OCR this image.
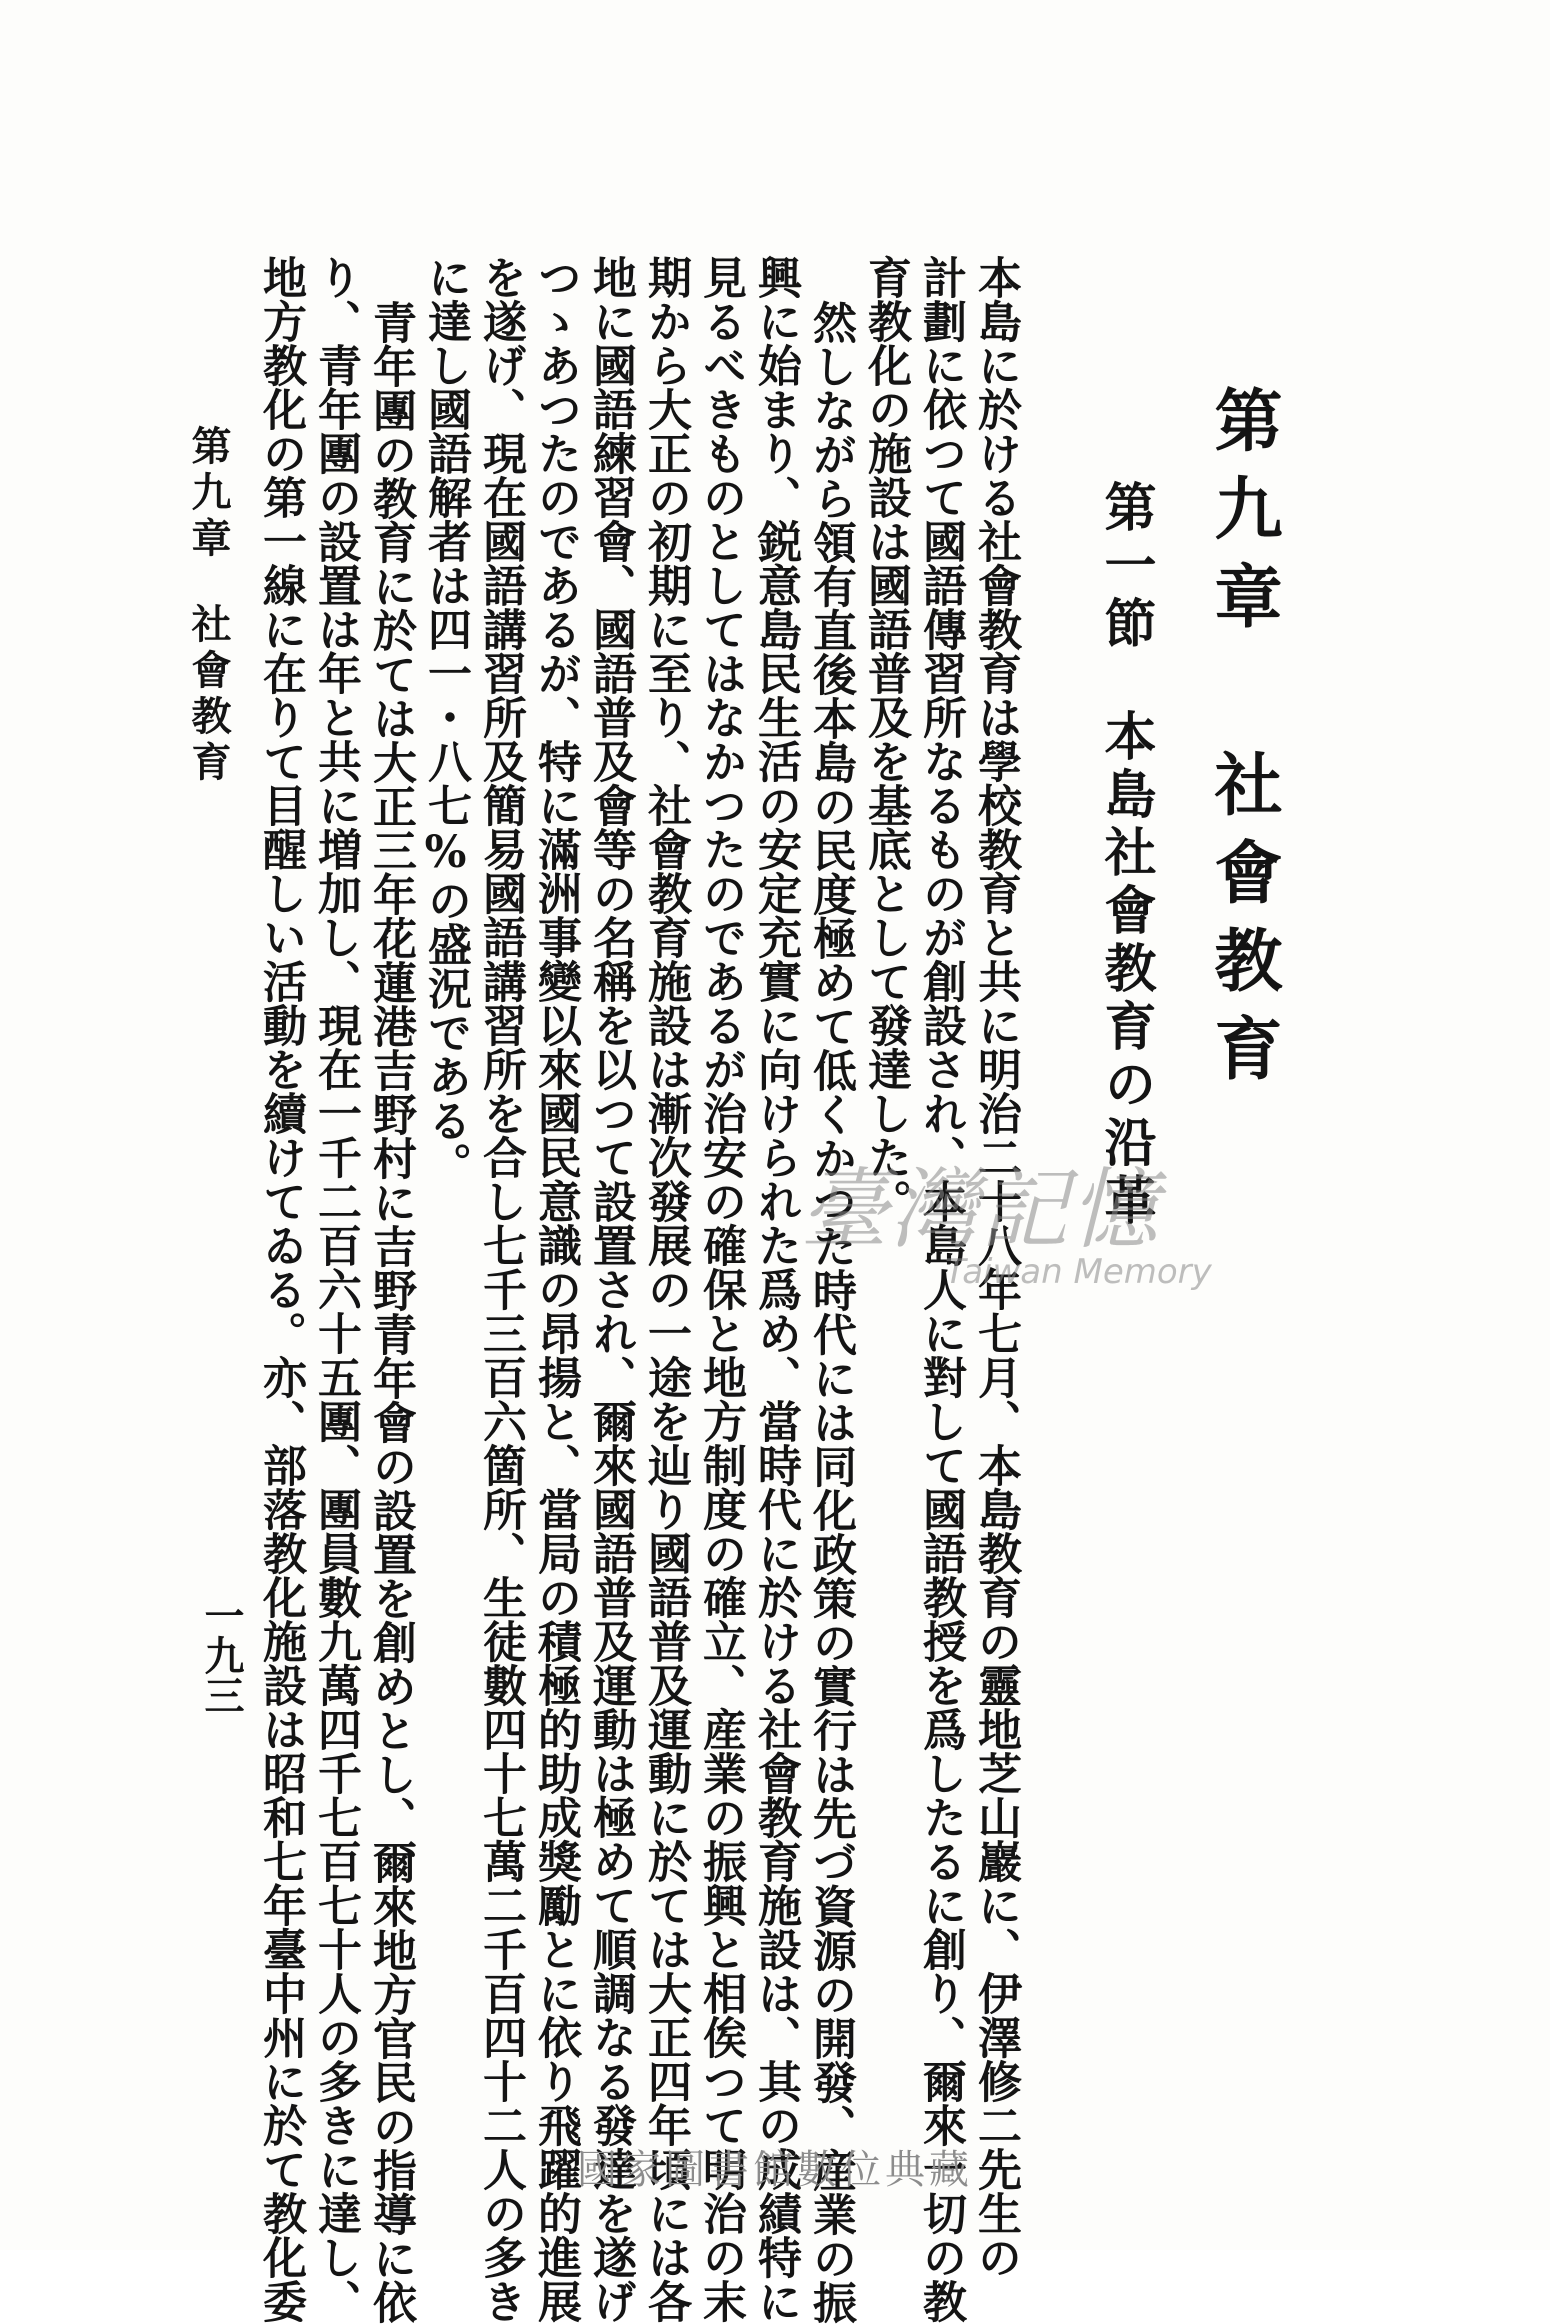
第九章 社會教育
第一節本島社會教育の沿革
本島に於ける社會教育は學校教育と共に明治二十八年七月、本島教育の靈地芝山巖に、伊澤修二先生の
計劃に依つて國語傳習所なるものが創設され、本島人に對して國語教授を爲したるに創り、爾來一切の教
育教化の施設は國語普及を基底として發達した。
然しながら領有直後本島の民度極めて低くかつた時代には同化政策の實行は先づ資源の開發、産業の振
興に始まり、鋭意島民生活の安定充實に向けられた爲め、當時代に於ける社會教育施設は、其の成績特に
見るべきものとしてはなかつたのであるが治安の確保と地方制度の確立、産業の振興と相俟つて明治の末
期から大正の初期に至り、社會教育施設は漸次發展の一途を辿り國語普及運動に於ては大正四年頃には各
地に國語練習會、國語普及會等の名稱を以つて設置され、爾來國語普及運動は極めて順調なる發達を遂げ
つゝあつたのであるが、特に滿洲事變以來國民意識の昂揚と、當局の積極的助成獎勵とに依り飛躍的進展
を遂げ、現在國語講習所及簡易國語講習所を合し七千三百六箇所、生徒數四十七萬二千百四十二人の多き
に達し國語解者は四一・八七%の盛況である。
青年團の教育に於ては大正三年花蓮港吉野村に吉野青年會の設置を創めとし、爾來地方官民の指導に依
り、青年團の設置は年と共に増加し、現在一千二百六十五團、團員數九萬四千七百七十人の多きに達し、
第九章社會教育
一九三
臺灣記憶
Taiwan Memory
國家圖書館數位典藏
地方教化の第一線に在りて目醒しい活動を續けてゐる。亦、部落教化施設は昭和七年臺中州に於て教化委
